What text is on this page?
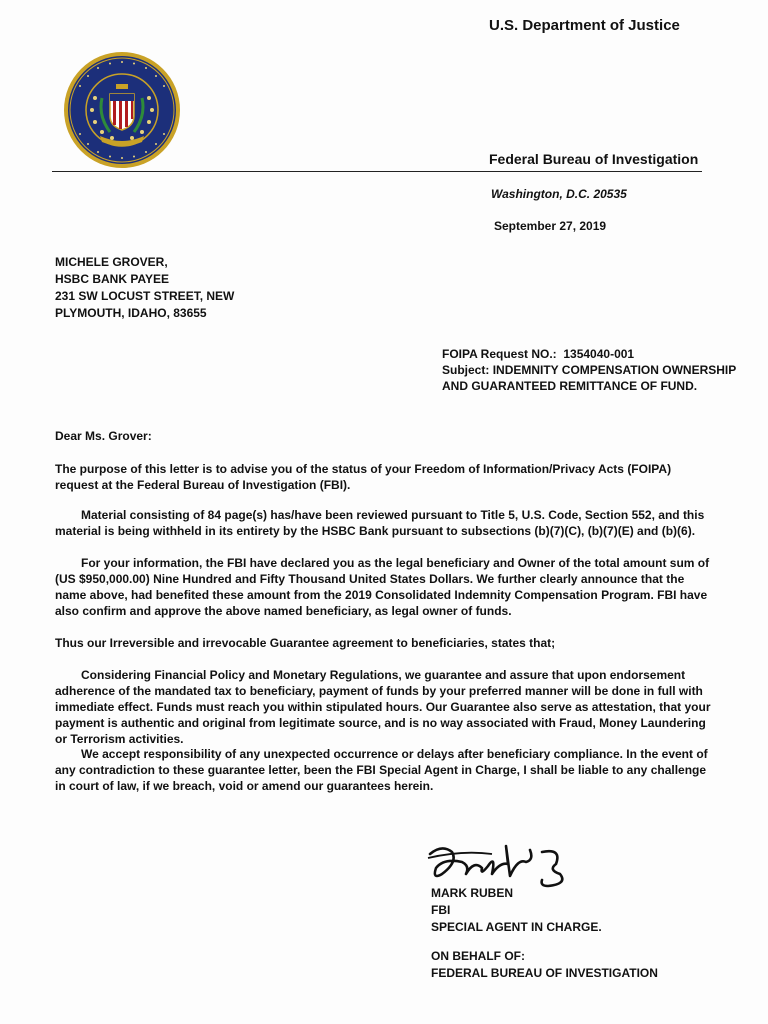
U.S. Department of Justice
Federal Bureau of Investigation
Washington, D.C. 20535
September 27, 2019
MICHELE GROVER,
HSBC BANK PAYEE
231 SW LOCUST STREET, NEW
PLYMOUTH, IDAHO, 83655
FOIPA Request NO.: 1354040-001
Subject: INDEMNITY COMPENSATION OWNERSHIP
AND GUARANTEED REMITTANCE OF FUND.
Dear Ms. Grover:

The purpose of this letter is to advise you of the status of your Freedom of Information/Privacy Acts (FOIPA) request at the Federal Bureau of Investigation (FBI).

Material consisting of 84 page(s) has/have been reviewed pursuant to Title 5, U.S. Code, Section 552, and this material is being withheld in its entirety by the HSBC Bank pursuant to subsections (b)(7)(C), (b)(7)(E) and (b)(6).

For your information, the FBI have declared you as the legal beneficiary and Owner of the total amount sum of (US $950,000.00) Nine Hundred and Fifty Thousand United States Dollars. We further clearly announce that the name above, had benefited these amount from the 2019 Consolidated Indemnity Compensation Program. FBI have also confirm and approve the above named beneficiary, as legal owner of funds.

Thus our Irreversible and irrevocable Guarantee agreement to beneficiaries, states that;

Considering Financial Policy and Monetary Regulations, we guarantee and assure that upon endorsement adherence of the mandated tax to beneficiary, payment of funds by your preferred manner will be done in full with immediate effect. Funds must reach you within stipulated hours. Our Guarantee also serve as attestation, that your payment is authentic and original from legitimate source, and is no way associated with Fraud, Money Laundering or Terrorism activities.

We accept responsibility of any unexpected occurrence or delays after beneficiary compliance. In the event of any contradiction to these guarantee letter, been the FBI Special Agent in Charge, I shall be liable to any challenge in court of law, if we breach, void or amend our guarantees herein.

MARK RUBEN
FBI
SPECIAL AGENT IN CHARGE.
ON BEHALF OF:
FEDERAL BUREAU OF INVESTIGATION
